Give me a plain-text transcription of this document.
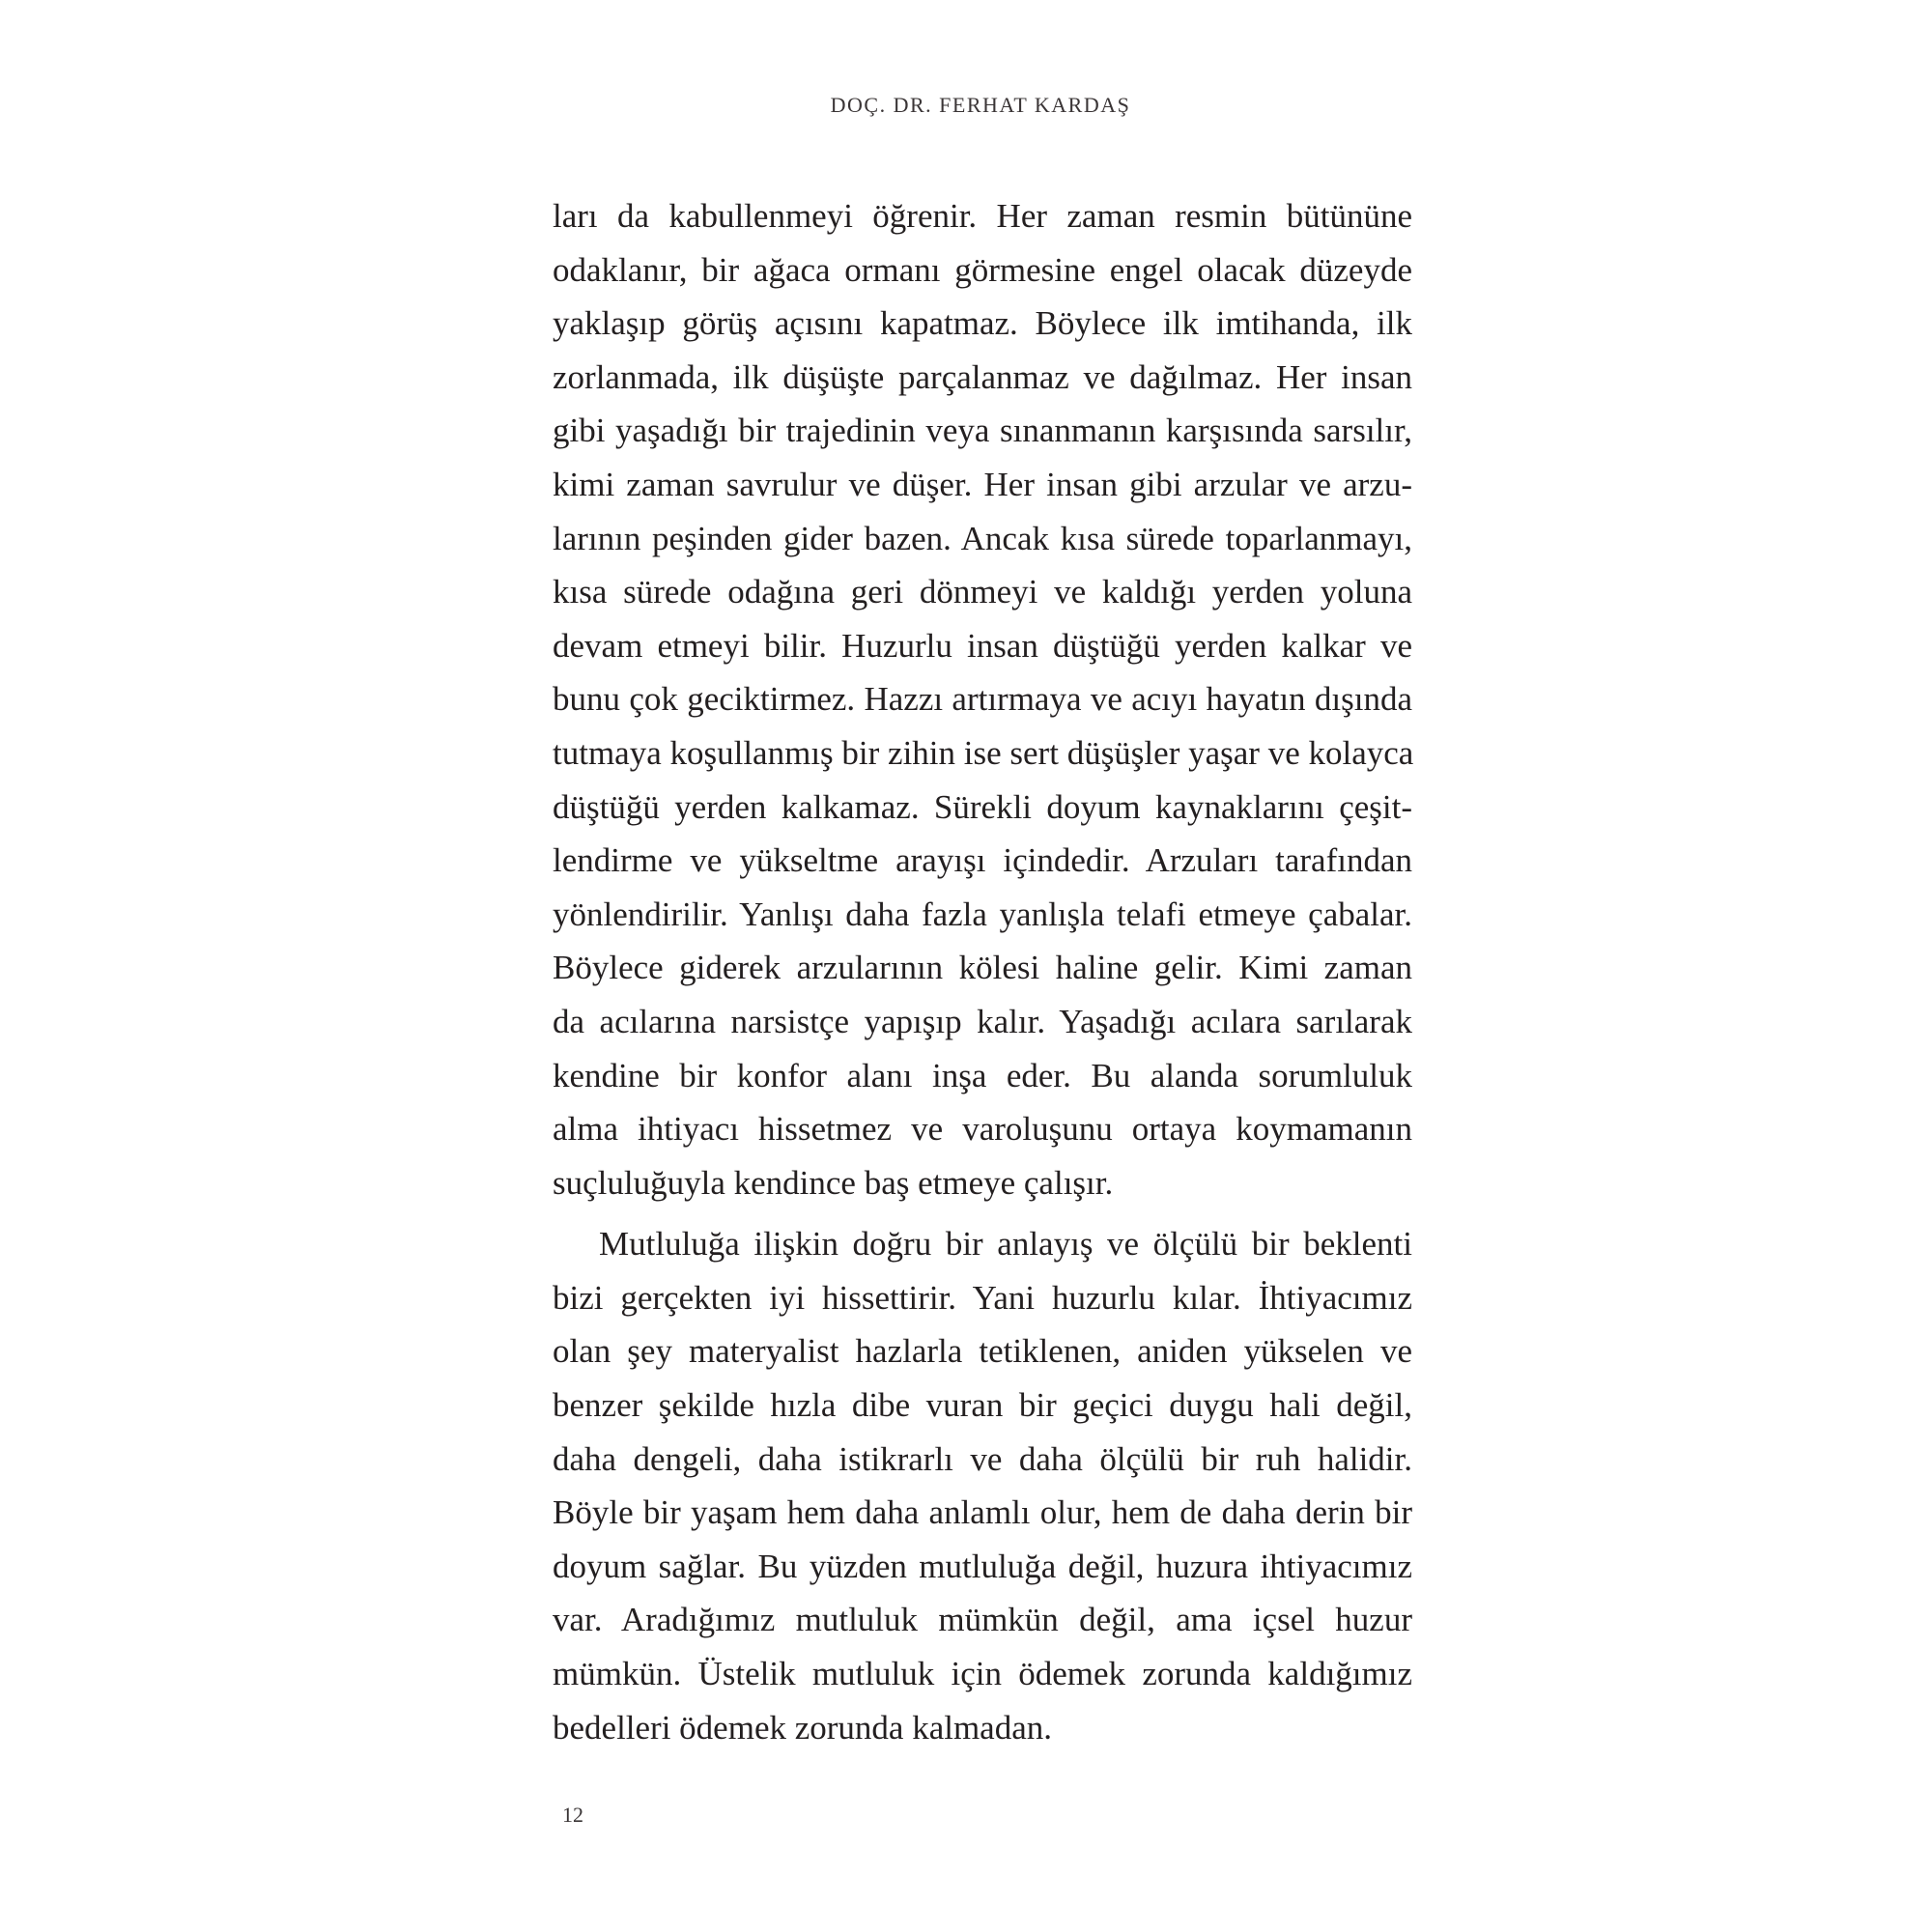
DOÇ. DR. FERHAT KARDAŞ
ları da kabullenmeyi öğrenir. Her zaman resmin bütününe
odaklanır, bir ağaca ormanı görmesine engel olacak düzeyde
yaklaşıp görüş açısını kapatmaz. Böylece ilk imtihanda, ilk
zorlanmada, ilk düşüşte parçalanmaz ve dağılmaz. Her insan
gibi yaşadığı bir trajedinin veya sınanmanın karşısında sarsılır,
kimi zaman savrulur ve düşer. Her insan gibi arzular ve arzu-
larının peşinden gider bazen. Ancak kısa sürede toparlanmayı,
kısa sürede odağına geri dönmeyi ve kaldığı yerden yoluna
devam etmeyi bilir. Huzurlu insan düştüğü yerden kalkar ve
bunu çok geciktirmez. Hazzı artırmaya ve acıyı hayatın dışında
tutmaya koşullanmış bir zihin ise sert düşüşler yaşar ve kolayca
düştüğü yerden kalkamaz. Sürekli doyum kaynaklarını çeşit-
lendirme ve yükseltme arayışı içindedir. Arzuları tarafından
yönlendirilir. Yanlışı daha fazla yanlışla telafi etmeye çabalar.
Böylece giderek arzularının kölesi haline gelir. Kimi zaman
da acılarına narsistçe yapışıp kalır. Yaşadığı acılara sarılarak
kendine bir konfor alanı inşa eder. Bu alanda sorumluluk
alma ihtiyacı hissetmez ve varoluşunu ortaya koymamanın
suçluluğuyla kendince baş etmeye çalışır.
Mutluluğa ilişkin doğru bir anlayış ve ölçülü bir beklenti
bizi gerçekten iyi hissettirir. Yani huzurlu kılar. İhtiyacımız
olan şey materyalist hazlarla tetiklenen, aniden yükselen ve
benzer şekilde hızla dibe vuran bir geçici duygu hali değil,
daha dengeli, daha istikrarlı ve daha ölçülü bir ruh halidir.
Böyle bir yaşam hem daha anlamlı olur, hem de daha derin bir
doyum sağlar. Bu yüzden mutluluğa değil, huzura ihtiyacımız
var. Aradığımız mutluluk mümkün değil, ama içsel huzur
mümkün. Üstelik mutluluk için ödemek zorunda kaldığımız
bedelleri ödemek zorunda kalmadan.
12
